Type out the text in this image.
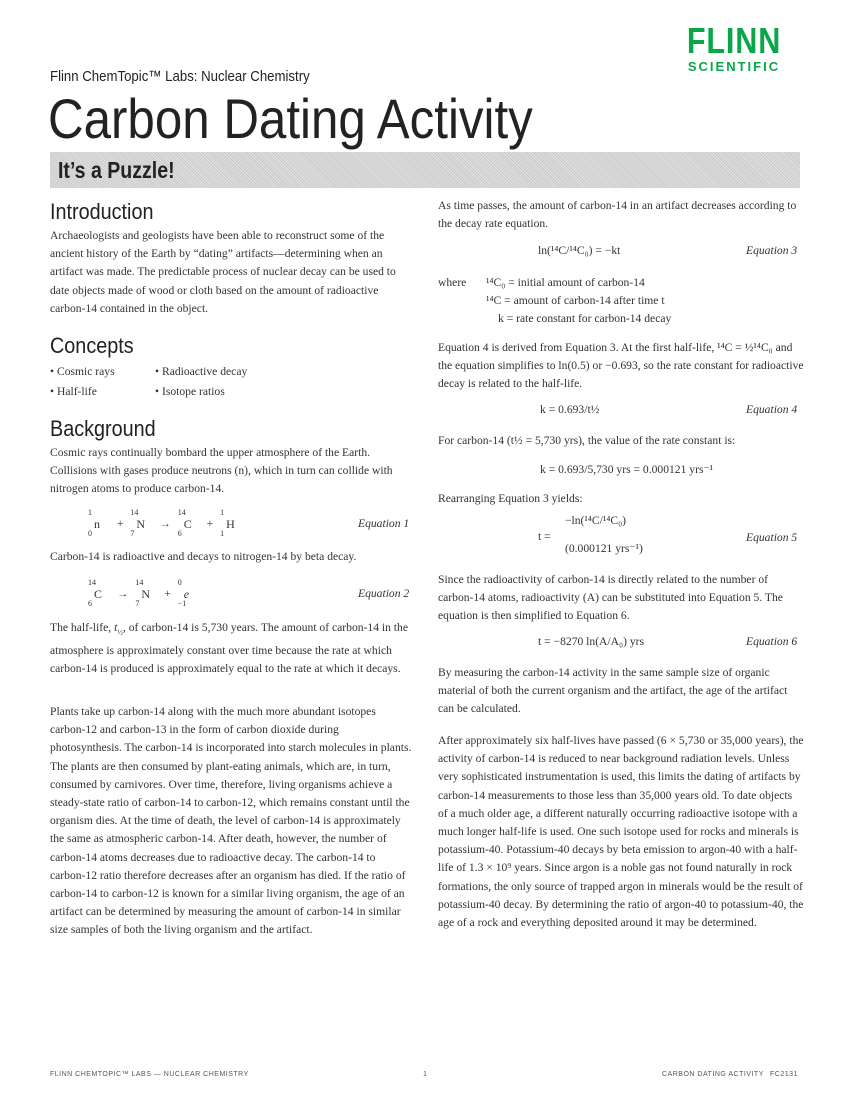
FLINN
SCIENTIFIC
Flinn ChemTopic™ Labs: Nuclear Chemistry
Carbon Dating Activity
It’s a Puzzle!
Introduction
Archaeologists and geologists have been able to reconstruct some of the ancient history of the Earth by “dating” artifacts—determining when an artifact was made. The predictable process of nuclear decay can be used to date objects made of wood or cloth based on the amount of radioactive carbon-14 contained in the object.
Concepts
• Cosmic rays	• Radioactive decay
• Half-life	• Isotope ratios
Background
Cosmic rays continually bombard the upper atmosphere of the Earth. Collisions with gases produce neutrons (n), which in turn can collide with nitrogen atoms to produce carbon-14.
1
n
0
+
14
N
7
→
14
C
6
+
1
H
1
Equation 1
Carbon-14 is radioactive and decays to nitrogen-14 by beta decay.
14
C
6
→
14
N
7
+
0
e
−1
Equation 2
The half-life, $t_{\frac{1}{2}}$, of carbon-14 is 5,730 years. The amount of carbon-14 in the atmosphere is approximately constant over time because the rate at which carbon-14 is produced is approximately equal to the rate at which it decays.
Plants take up carbon-14 along with the much more abundant isotopes carbon-12 and carbon-13 in the form of carbon dioxide during photosynthesis. The carbon-14 is incorporated into starch molecules in plants. The plants are then consumed by plant-eating animals, which are, in turn, consumed by carnivores. Over time, therefore, living organisms achieve a steady-state ratio of carbon-14 to carbon-12, which remains constant until the organism dies. At the time of death, the level of carbon-14 is approximately the same as atmospheric carbon-14. After death, however, the number of carbon-14 atoms decreases due to radioactive decay. The carbon-14 to carbon-12 ratio therefore decreases after an organism has died. If the ratio of carbon-14 to carbon-12 is known for a similar living organism, the age of an artifact can be determined by measuring the amount of carbon-14 in similar size samples of both the living organism and the artifact.
As time passes, the amount of carbon-14 in an artifact decreases according to the decay rate equation.
ln(¹⁴C/¹⁴C₀) = −kt	Equation 3
where ¹⁴C₀ = initial amount of carbon-14
¹⁴C = amount of carbon-14 after time t
k = rate constant for carbon-14 decay
Equation 4 is derived from Equation 3. At the first half-life, ¹⁴C = ½¹⁴C₀ and the equation simplifies to ln(0.5) or −0.693, so the rate constant for radioactive decay is related to the half-life.
k = 0.693/t½	Equation 4
For carbon-14 (t½ = 5,730 yrs), the value of the rate constant is:
k = 0.693/5,730 yrs = 0.000121 yrs⁻¹
Rearranging Equation 3 yields:
t =
−ln(¹⁴C/¹⁴C₀)
(0.000121 yrs⁻¹)
Equation 5
Since the radioactivity of carbon-14 is directly related to the number of carbon-14 atoms, radioactivity (A) can be substituted into Equation 5. The equation is then simplified to Equation 6.
t = −8270 ln(A/A₀) yrs	Equation 6
By measuring the carbon-14 activity in the same sample size of organic material of both the current organism and the artifact, the age of the artifact can be calculated.
After approximately six half-lives have passed (6 × 5,730 or 35,000 years), the activity of carbon-14 is reduced to near background radiation levels. Unless very sophisticated instrumentation is used, this limits the dating of artifacts by carbon-14 measurements to those less than 35,000 years old. To date objects of a much older age, a different naturally occurring radioactive isotope with a much longer half-life is used. One such isotope used for rocks and minerals is potassium-40. Potassium-40 decays by beta emission to argon-40 with a half-life of 1.3 × 10⁹ years. Since argon is a noble gas not found naturally in rock formations, the only source of trapped argon in minerals would be the result of potassium-40 decay. By determining the ratio of argon-40 to potassium-40, the age of a rock and everything deposited around it may be determined.
FLINN CHEMTOPIC™ LABS — NUCLEAR CHEMISTRY	1	CARBON DATING ACTIVITY FC2131
